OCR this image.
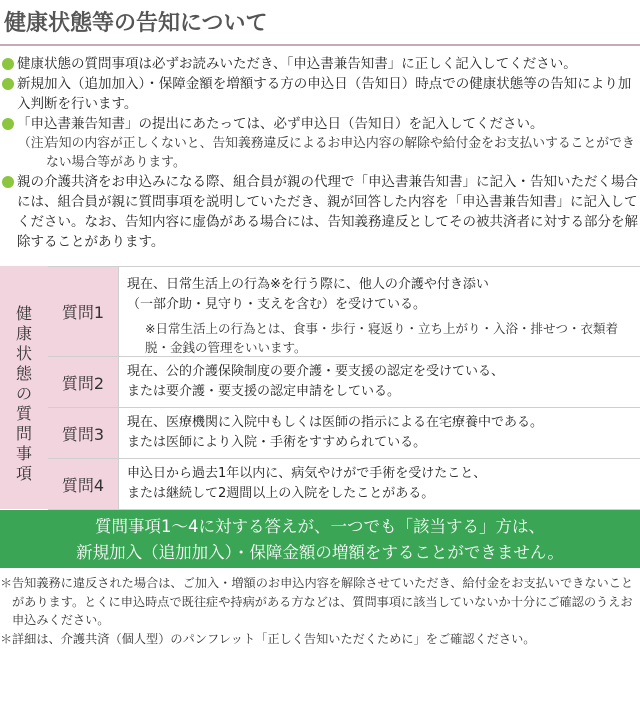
健康状態等の告知について
健康状態の質問事項は必ずお読みいただき、「申込書兼告知書」に正しく記入してください。
新規加入（追加加入）・保障金額を増額する方の申込日（告知日）時点での健康状態等の告知により加入判断を行います。
「申込書兼告知書」の提出にあたっては、必ず申込日（告知日）を記入してください。
（注）
告知の内容が正しくないと、告知義務違反によるお申込内容の解除や給付金をお支払いすることができない場合等があります。
親の介護共済をお申込みになる際、組合員が親の代理で「申込書兼告知書」に記入・告知いただく場合には、組合員が親に質問事項を説明していただき、親が回答した内容を「申込書兼告知書」に記入してください。なお、告知内容に虚偽がある場合には、告知義務違反としてその被共済者に対する部分を解除することがあります。
健
康
状
態
の
質
問
事
項
質問1
現在、日常生活上の行為※を行う際に、他人の介護や付き添い
（一部介助・見守り・支えを含む）を受けている。
※日常生活上の行為とは、食事・歩行・寝返り・立ち上がり・入浴・排せつ・衣類着脱・金銭の管理をいいます。
質問2
現在、公的介護保険制度の要介護・要支援の認定を受けている、
または要介護・要支援の認定申請をしている。
質問3
現在、医療機関に入院中もしくは医師の指示による在宅療養中である。
または医師により入院・手術をすすめられている。
質問4
申込日から過去1年以内に、病気やけがで手術を受けたこと、
または継続して2週間以上の入院をしたことがある。
質問事項1～4に対する答えが、一つでも「該当する」方は、
新規加入（追加加入）・保障金額の増額をすることができません。
＊ 告知義務に違反された場合は、ご加入・増額のお申込内容を解除させていただき、給付金をお支払いできないことがあります。とくに申込時点で既往症や持病がある方などは、質問事項に該当していないか十分にご確認のうえお申込みください。
＊ 詳細は、介護共済（個人型）のパンフレット「正しく告知いただくために」をご確認ください。
